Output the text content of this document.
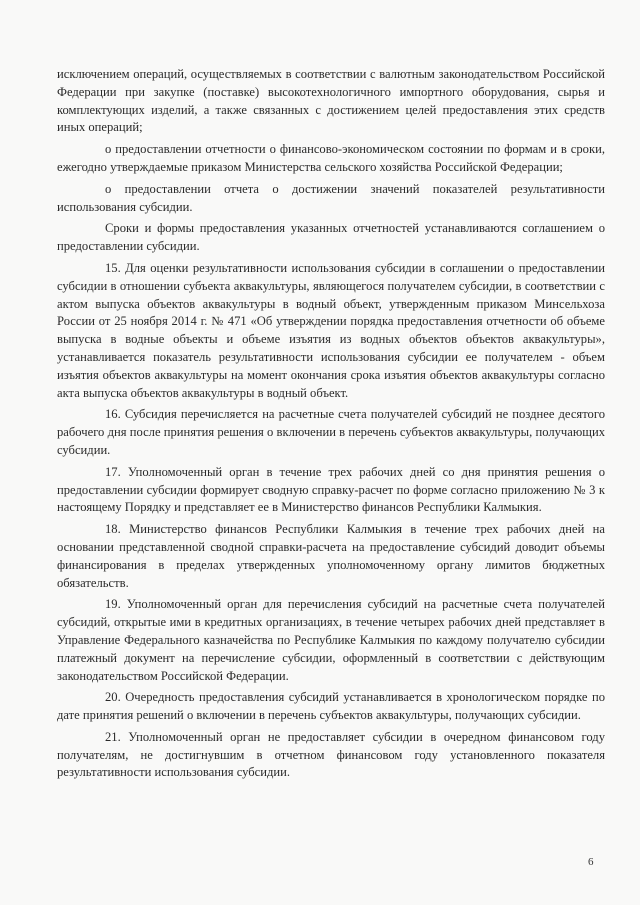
исключением операций, осуществляемых в соответствии с валютным законодательством Российской Федерации при закупке (поставке) высокотехнологичного импортного оборудования, сырья и комплектующих изделий, а также связанных с достижением целей предоставления этих средств иных операций;

о предоставлении отчетности о финансово-экономическом состоянии по формам и в сроки, ежегодно утверждаемые приказом Министерства сельского хозяйства Российской Федерации;

о предоставлении отчета о достижении значений показателей результативности использования субсидии.

Сроки и формы предоставления указанных отчетностей устанавливаются соглашением о предоставлении субсидии.

15. Для оценки результативности использования субсидии в соглашении о предоставлении субсидии в отношении субъекта аквакультуры, являющегося получателем субсидии, в соответствии с актом выпуска объектов аквакультуры в водный объект, утвержденным приказом Минсельхоза России от 25 ноября 2014 г. № 471 «Об утверждении порядка предоставления отчетности об объеме выпуска в водные объекты и объеме изъятия из водных объектов объектов аквакультуры», устанавливается показатель результативности использования субсидии ее получателем - объем изъятия объектов аквакультуры на момент окончания срока изъятия объектов аквакультуры согласно акта выпуска объектов аквакультуры в водный объект.

16. Субсидия перечисляется на расчетные счета получателей субсидий не позднее десятого рабочего дня после принятия решения о включении в перечень субъектов аквакультуры, получающих субсидии.

17. Уполномоченный орган в течение трех рабочих дней со дня принятия решения о предоставлении субсидии формирует сводную справку-расчет по форме согласно приложению № 3 к настоящему Порядку и представляет ее в Министерство финансов Республики Калмыкия.

18. Министерство финансов Республики Калмыкия в течение трех рабочих дней на основании представленной сводной справки-расчета на предоставление субсидий доводит объемы финансирования в пределах утвержденных уполномоченному органу лимитов бюджетных обязательств.

19. Уполномоченный орган для перечисления субсидий на расчетные счета получателей субсидий, открытые ими в кредитных организациях, в течение четырех рабочих дней представляет в Управление Федерального казначейства по Республике Калмыкия по каждому получателю субсидии платежный документ на перечисление субсидии, оформленный в соответствии с действующим законодательством Российской Федерации.

20. Очередность предоставления субсидий устанавливается в хронологическом порядке по дате принятия решений о включении в перечень субъектов аквакультуры, получающих субсидии.

21. Уполномоченный орган не предоставляет субсидии в очередном финансовом году получателям, не достигнувшим в отчетном финансовом году установленного показателя результативности использования субсидии.

6
